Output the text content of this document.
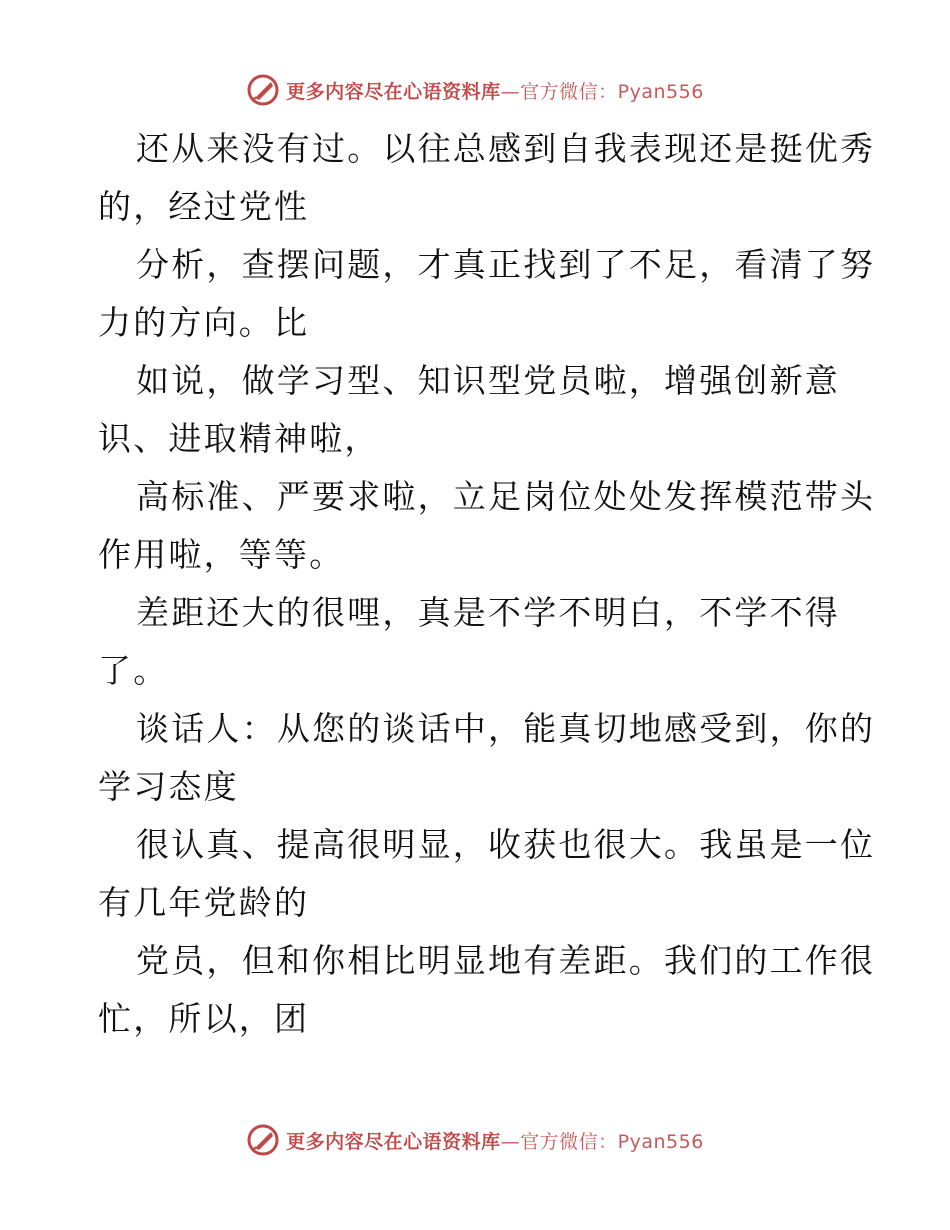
更多内容尽在心语资料库—官方微信：Pyan556

还从来没有过。以往总感到自我表现还是挺优秀
的，经过党性

分析，查摆问题，才真正找到了不足，看清了努
力的方向。比

如说，做学习型、知识型党员啦，增强创新意
识、进取精神啦，

高标准、严要求啦，立足岗位处处发挥模范带头
作用啦，等等。

差距还大的很哩，真是不学不明白，不学不得
了。

谈话人：从您的谈话中，能真切地感受到，你的
学习态度

很认真、提高很明显，收获也很大。我虽是一位
有几年党龄的

党员，但和你相比明显地有差距。我们的工作很
忙，所以，团

更多内容尽在心语资料库—官方微信：Pyan556
